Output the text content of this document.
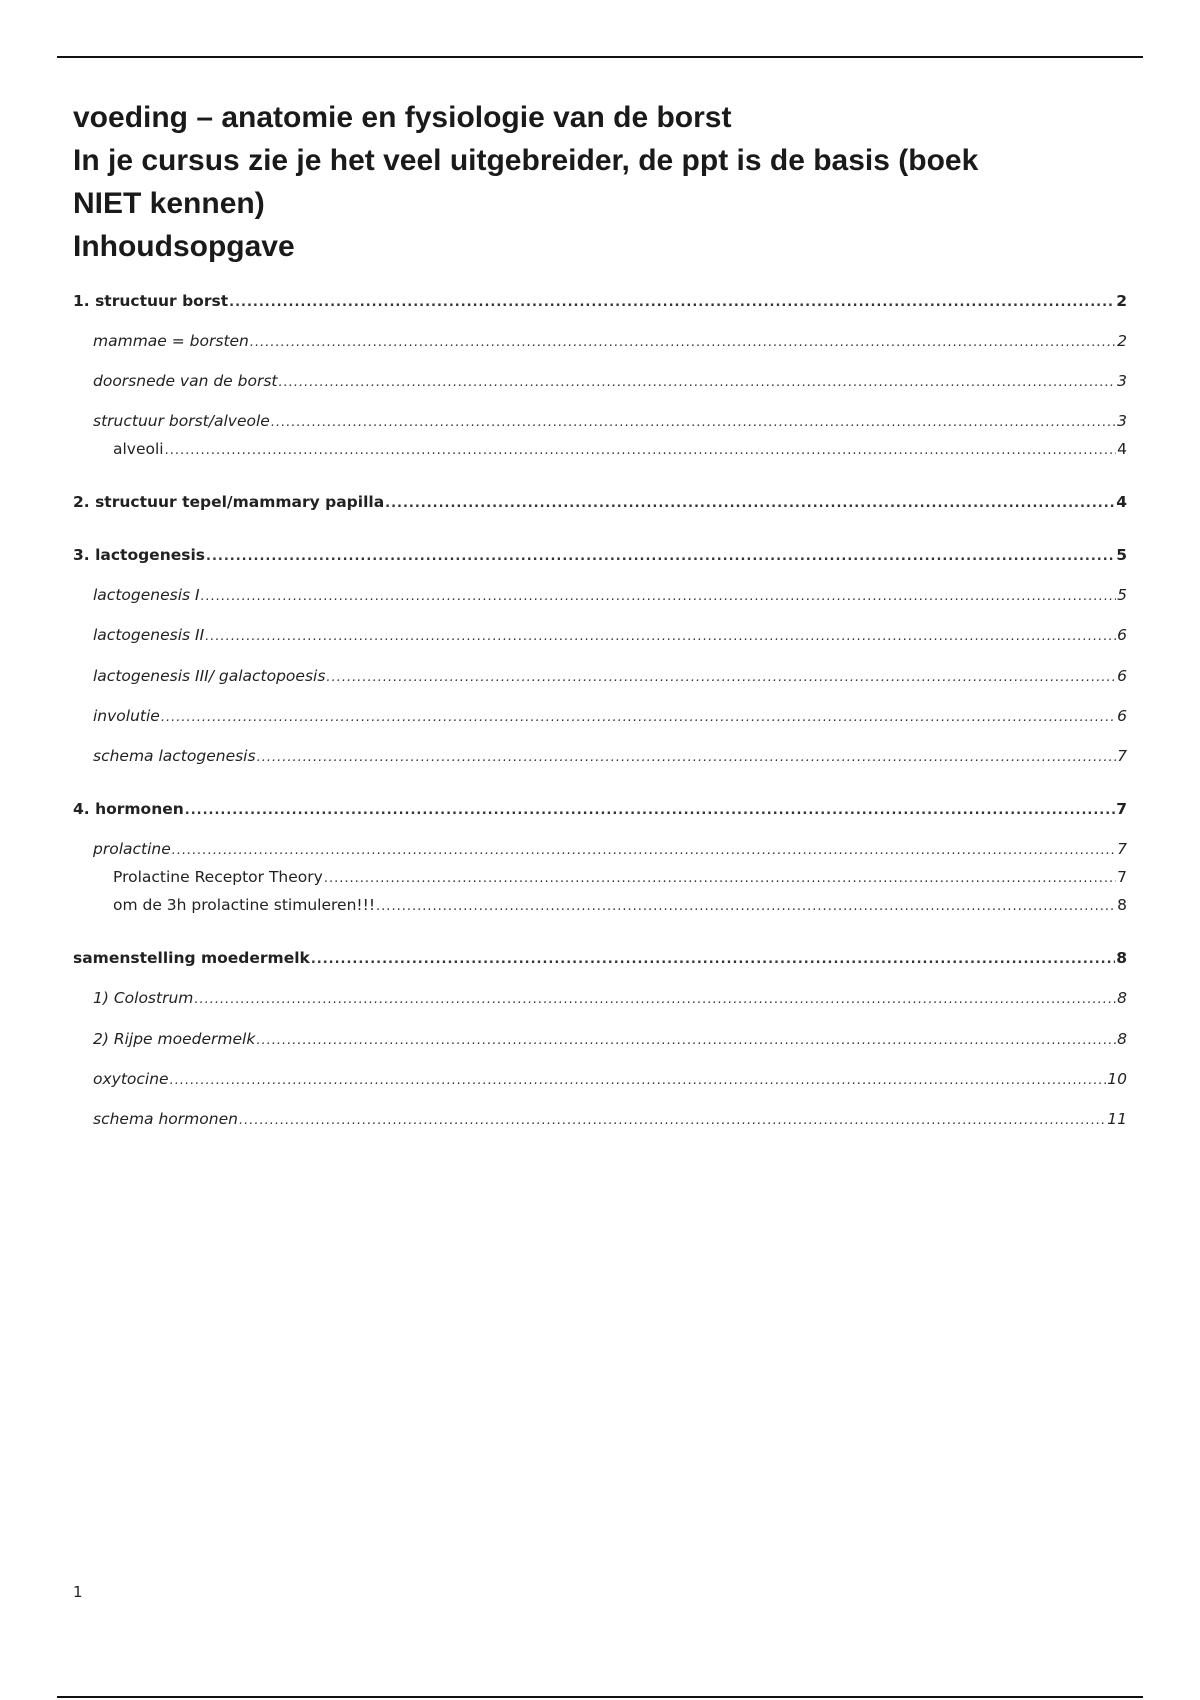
voeding – anatomie en fysiologie van de borst
In je cursus zie je het veel uitgebreider, de ppt is de basis (boek
NIET kennen)
Inhoudsopgave
1. structuur borst .....	2
mammae = borsten .....	2
doorsnede van de borst .....	3
structuur borst/alveole .....	3
alveoli .....	4
2. structuur tepel/mammary papilla .....	4
3. lactogenesis .....	5
lactogenesis I .....	5
lactogenesis II .....	6
lactogenesis III/ galactopoesis .....	6
involutie .....	6
schema lactogenesis .....	7
4. hormonen .....	7
prolactine .....	7
Prolactine Receptor Theory .....	7
om de 3h prolactine stimuleren!!! .....	8
samenstelling moedermelk .....	8
1) Colostrum .....	8
2) Rijpe moedermelk .....	8
oxytocine .....	10
schema hormonen .....	11
1
